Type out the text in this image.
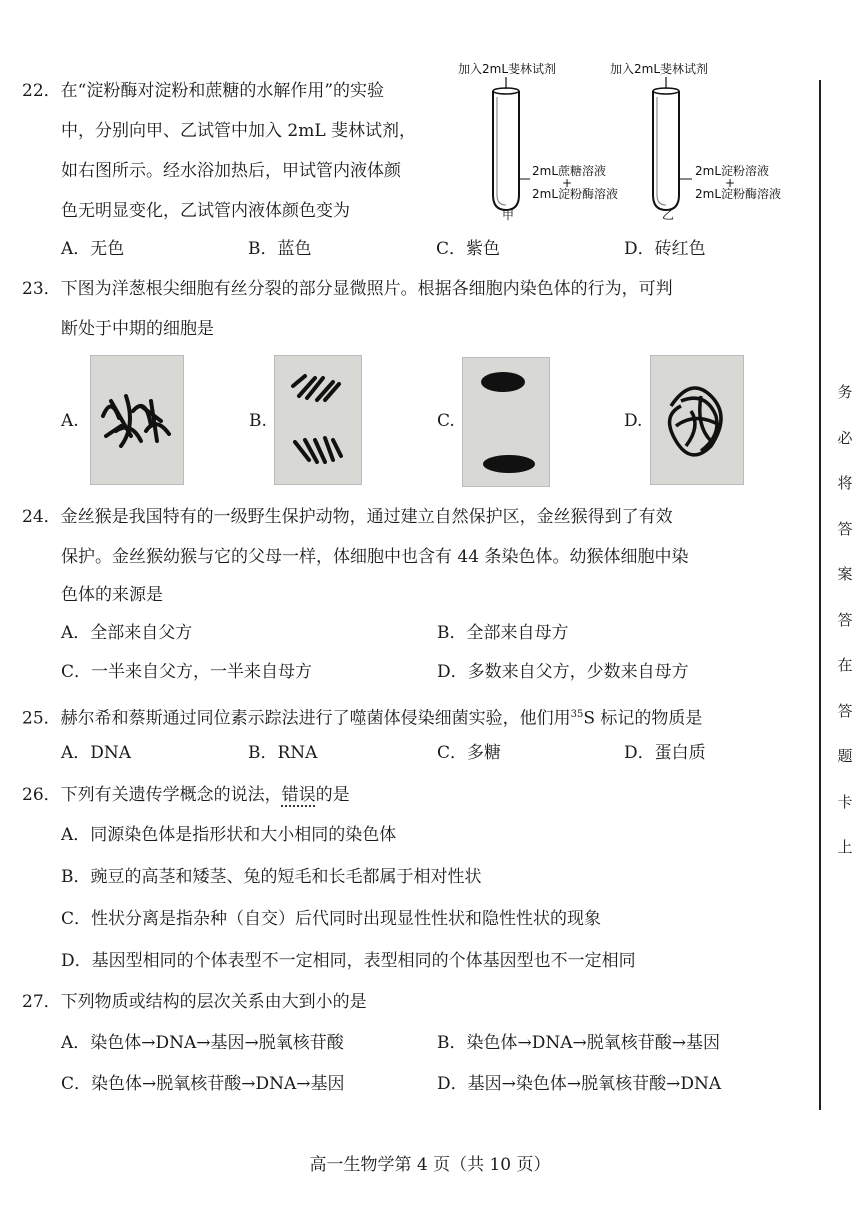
22．在“淀粉酶对淀粉和蔗糖的水解作用”的实验
中，分别向甲、乙试管中加入 2mL 斐林试剂，
如右图所示。经水浴加热后，甲试管内液体颜
色无明显变化，乙试管内液体颜色变为
A．无色	B．蓝色	C．紫色	D．砖红色
加入2mL斐林试剂	加入2mL斐林试剂
2mL蔗糖溶液
+
2mL淀粉酶溶液
2mL淀粉溶液
+
2mL淀粉酶溶液
甲	乙
23．下图为洋葱根尖细胞有丝分裂的部分显微照片。根据各细胞内染色体的行为，可判
断处于中期的细胞是
A.	B.	C.	D.
24．金丝猴是我国特有的一级野生保护动物，通过建立自然保护区，金丝猴得到了有效
保护。金丝猴幼猴与它的父母一样，体细胞中也含有 44 条染色体。幼猴体细胞中染
色体的来源是
A．全部来自父方	B．全部来自母方
C．一半来自父方，一半来自母方	D．多数来自父方，少数来自母方
25．赫尔希和蔡斯通过同位素示踪法进行了噬菌体侵染细菌实验，他们用$^{35}$S 标记的物质是
A．DNA	B．RNA	C．多糖	D．蛋白质
26．下列有关遗传学概念的说法，错误的是
A．同源染色体是指形状和大小相同的染色体
B．豌豆的高茎和矮茎、兔的短毛和长毛都属于相对性状
C．性状分离是指杂种（自交）后代同时出现显性性状和隐性性状的现象
D．基因型相同的个体表型不一定相同，表型相同的个体基因型也不一定相同
27．下列物质或结构的层次关系由大到小的是
A．染色体→DNA→基因→脱氧核苷酸	B．染色体→DNA→脱氧核苷酸→基因
C．染色体→脱氧核苷酸→DNA→基因	D．基因→染色体→脱氧核苷酸→DNA
务
必
将
答
案
答
在
答
题
卡
上
高一生物学第 4 页（共 10 页）
